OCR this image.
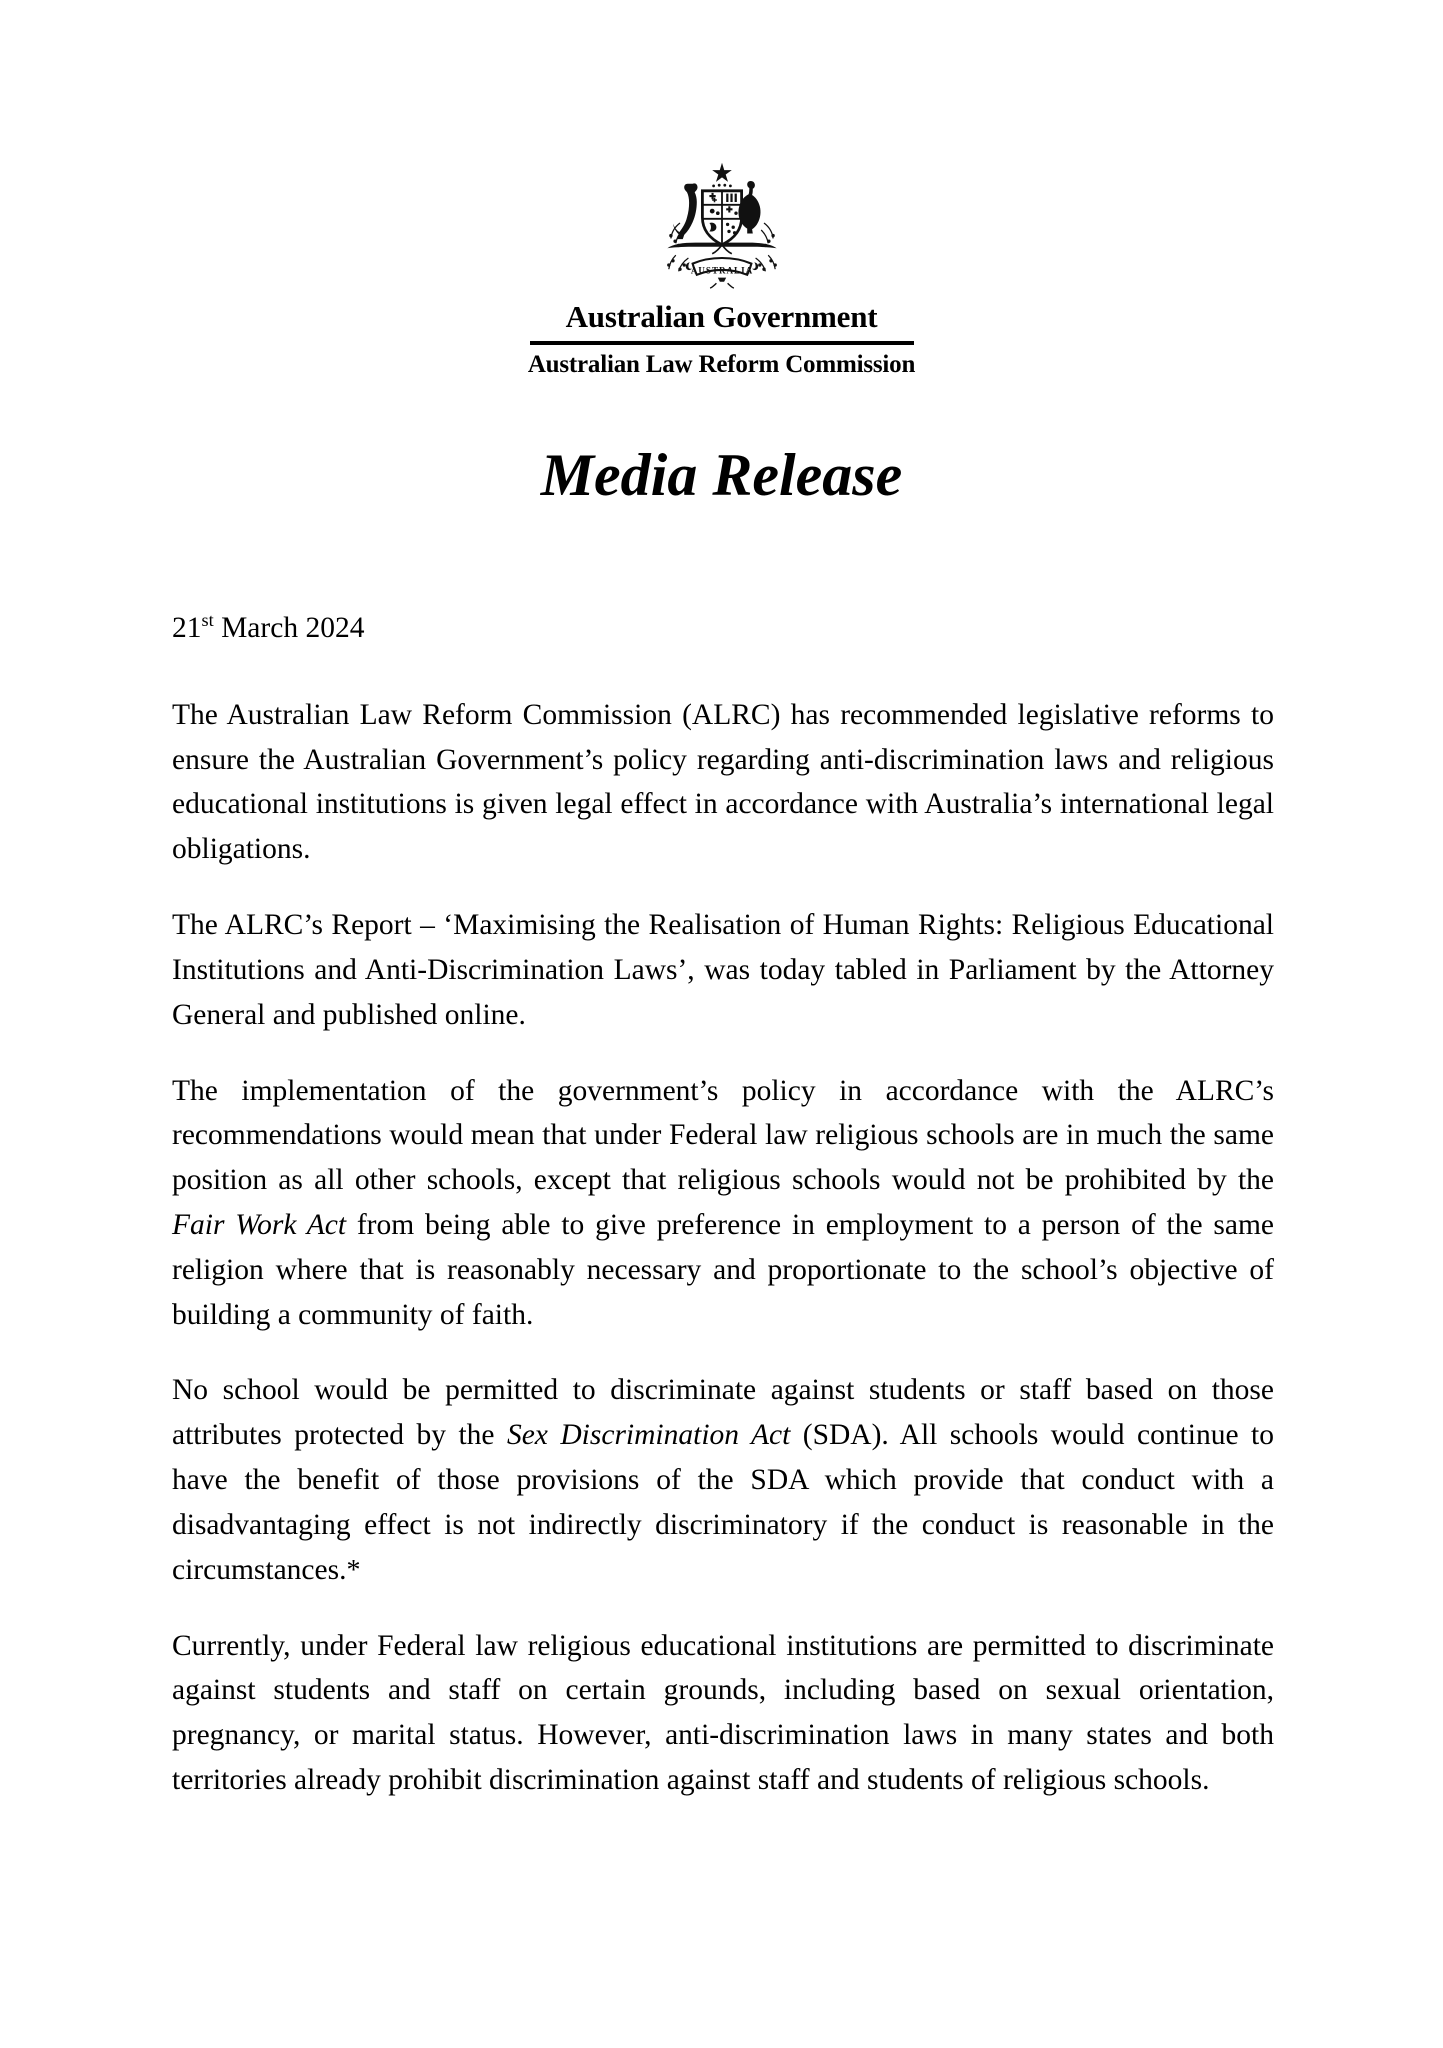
AUSTRALIA
Australian Government
Australian Law Reform Commission
Media Release
21st March 2024

The Australian Law Reform Commission (ALRC) has recommended legislative reforms to ensure the Australian Government’s policy regarding anti-discrimination laws and religious educational institutions is given legal effect in accordance with Australia’s international legal obligations.

The ALRC’s Report – ‘Maximising the Realisation of Human Rights: Religious Educational Institutions and Anti-Discrimination Laws’, was today tabled in Parliament by the Attorney General and published online.

The implementation of the government’s policy in accordance with the ALRC’s recommendations would mean that under Federal law religious schools are in much the same position as all other schools, except that religious schools would not be prohibited by the Fair Work Act from being able to give preference in employment to a person of the same religion where that is reasonably necessary and proportionate to the school’s objective of building a community of faith.

No school would be permitted to discriminate against students or staff based on those attributes protected by the Sex Discrimination Act (SDA). All schools would continue to have the benefit of those provisions of the SDA which provide that conduct with a disadvantaging effect is not indirectly discriminatory if the conduct is reasonable in the circumstances.*

Currently, under Federal law religious educational institutions are permitted to discriminate against students and staff on certain grounds, including based on sexual orientation, pregnancy, or marital status. However, anti-discrimination laws in many states and both territories already prohibit discrimination against staff and students of religious schools.
